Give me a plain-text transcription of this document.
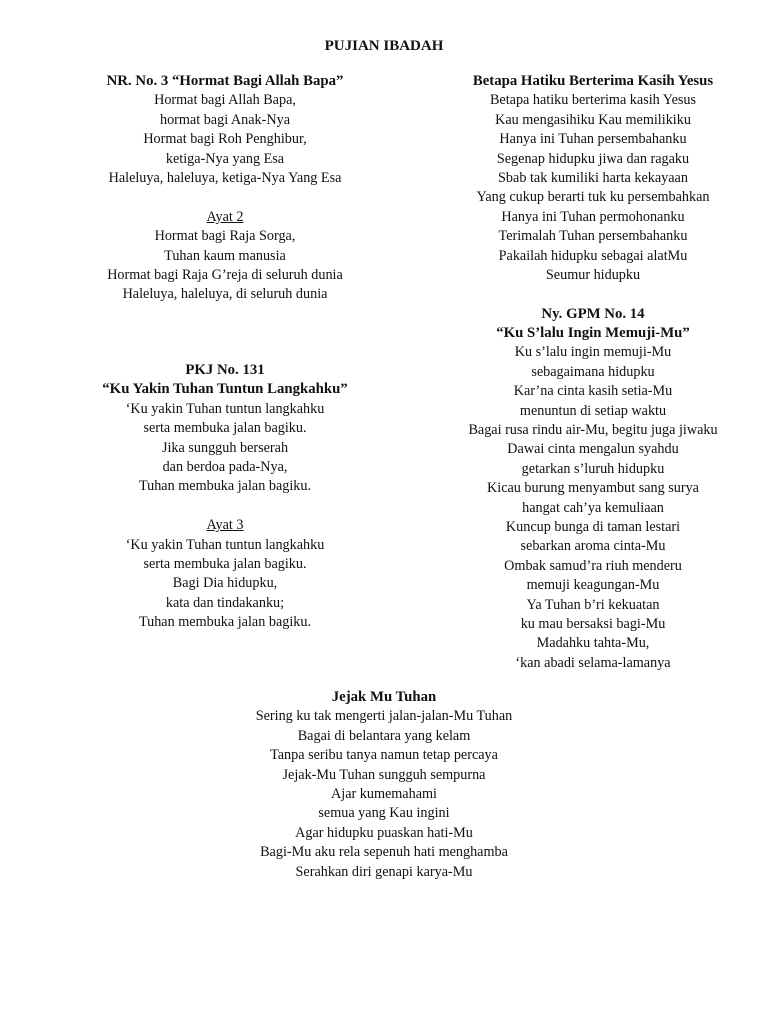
PUJIAN IBADAH
NR. No. 3 “Hormat Bagi Allah Bapa”
Hormat bagi Allah Bapa,
hormat bagi Anak-Nya
Hormat bagi Roh Penghibur,
ketiga-Nya yang Esa
Haleluya, haleluya, ketiga-Nya Yang Esa
Ayat 2
Hormat bagi Raja Sorga,
Tuhan kaum manusia
Hormat bagi Raja G’reja di seluruh dunia
Haleluya, haleluya, di seluruh dunia
PKJ No. 131
“Ku Yakin Tuhan Tuntun Langkahku”
‘Ku yakin Tuhan tuntun langkahku
serta membuka jalan bagiku.
Jika sungguh berserah
dan berdoa pada-Nya,
Tuhan membuka jalan bagiku.
Ayat 3
‘Ku yakin Tuhan tuntun langkahku
serta membuka jalan bagiku.
Bagi Dia hidupku,
kata dan tindakanku;
Tuhan membuka jalan bagiku.
Betapa Hatiku Berterima Kasih Yesus
Betapa hatiku berterima kasih Yesus
Kau mengasihiku Kau memilikiku
Hanya ini Tuhan persembahanku
Segenap hidupku jiwa dan ragaku
Sbab tak kumiliki harta kekayaan
Yang cukup berarti tuk ku persembahkan
Hanya ini Tuhan permohonanku
Terimalah Tuhan persembahanku
Pakailah hidupku sebagai alatMu
Seumur hidupku
Ny. GPM No. 14
“Ku S’lalu Ingin Memuji-Mu”
Ku s’lalu ingin memuji-Mu
sebagaimana hidupku
Kar’na cinta kasih setia-Mu
menuntun di setiap waktu
Bagai rusa rindu air-Mu, begitu juga jiwaku
Dawai cinta mengalun syahdu
getarkan s’luruh hidupku
Kicau burung menyambut sang surya
hangat cah’ya kemuliaan
Kuncup bunga di taman lestari
sebarkan aroma cinta-Mu
Ombak samud’ra riuh menderu
memuji keagungan-Mu
Ya Tuhan b’ri kekuatan
ku mau bersaksi bagi-Mu
Madahku tahta-Mu,
‘kan abadi selama-lamanya
Jejak Mu Tuhan
Sering ku tak mengerti jalan-jalan-Mu Tuhan
Bagai di belantara yang kelam
Tanpa seribu tanya namun tetap percaya
Jejak-Mu Tuhan sungguh sempurna
Ajar kumemahami
semua yang Kau ingini
Agar hidupku puaskan hati-Mu
Bagi-Mu aku rela sepenuh hati menghamba
Serahkan diri genapi karya-Mu
